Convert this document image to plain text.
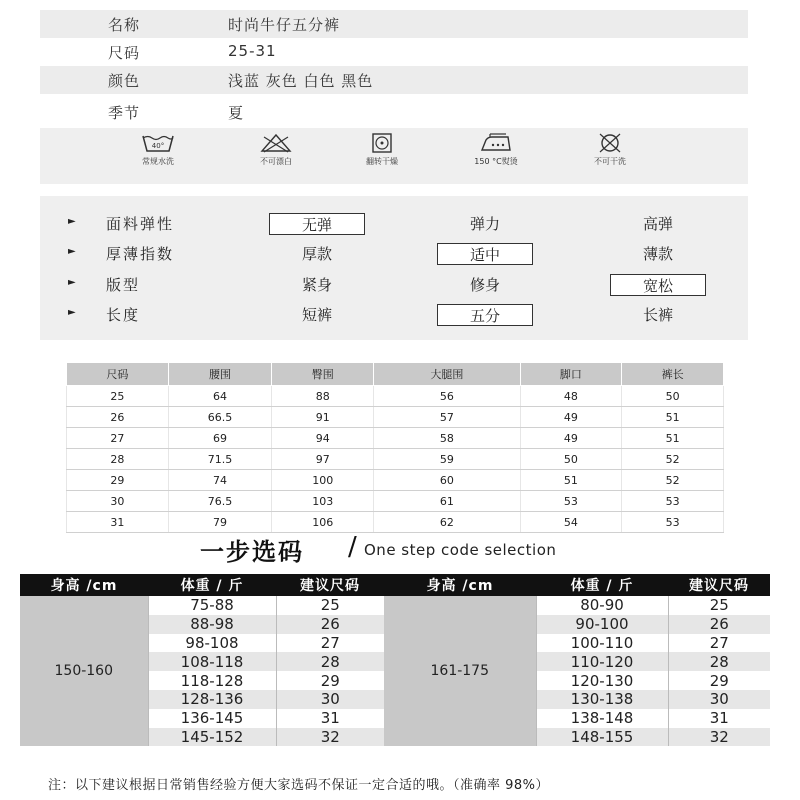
名称	时尚牛仔五分裤
尺码	25-31
颜色	浅蓝 灰色 白色 黑色
季节	夏
40°
常规水洗	不可漂白	翻转干燥	150 °C熨烫	不可干洗
► 面料弹性	无弹	弹力	高弹
► 厚薄指数	厚款	适中	薄款
► 版型	紧身	修身	宽松
► 长度	短裤	五分	长裤
尺码	腰围	臀围	大腿围	脚口	裤长
25	64	88	56	48	50
26	66.5	91	57	49	51
27	69	94	58	49	51
28	71.5	97	59	50	52
29	74	100	60	51	52
30	76.5	103	61	53	53
31	79	106	62	54	53
一步选码 / One step code selection
身高 /cm	体重 / 斤	建议尺码	身高 /cm	体重 / 斤	建议尺码
150-160	75-88	25	161-175	80-90	25
	88-98	26		90-100	26
	98-108	27		100-110	27
	108-118	28		110-120	28
	118-128	29		120-130	29
	128-136	30		130-138	30
	136-145	31		138-148	31
	145-152	32		148-155	32
注：以下建议根据日常销售经验方便大家选码不保证一定合适的哦。（准确率 98%）
